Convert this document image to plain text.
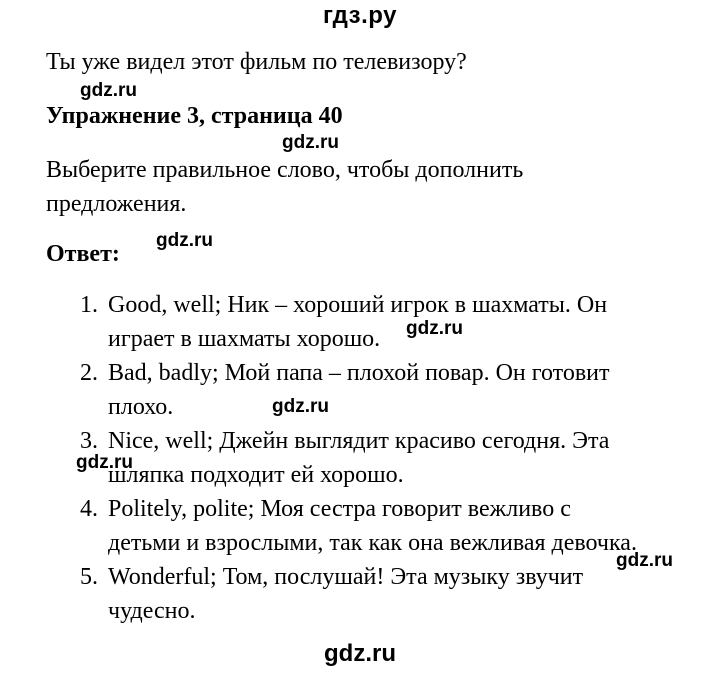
гдз.ру
Ты уже видел этот фильм по телевизору?
gdz.ru
Упражнение 3, страница 40
gdz.ru
Выберите правильное слово, чтобы дополнить
предложения.
Ответ:
gdz.ru
1. Good, well; Ник – хороший игрок в шахматы. Он
играет в шахматы хорошо.
2. Bad, badly; Мой папа – плохой повар. Он готовит
плохо.
3. Nice, well; Джейн выглядит красиво сегодня. Эта
шляпка подходит ей хорошо.
4. Politely, polite; Моя сестра говорит вежливо с
детьми и взрослыми, так как она вежливая девочка.
5. Wonderful; Том, послушай! Эта музыку звучит
чудесно.
gdz.ru
gdz.ru
gdz.ru
gdz.ru
gdz.ru
